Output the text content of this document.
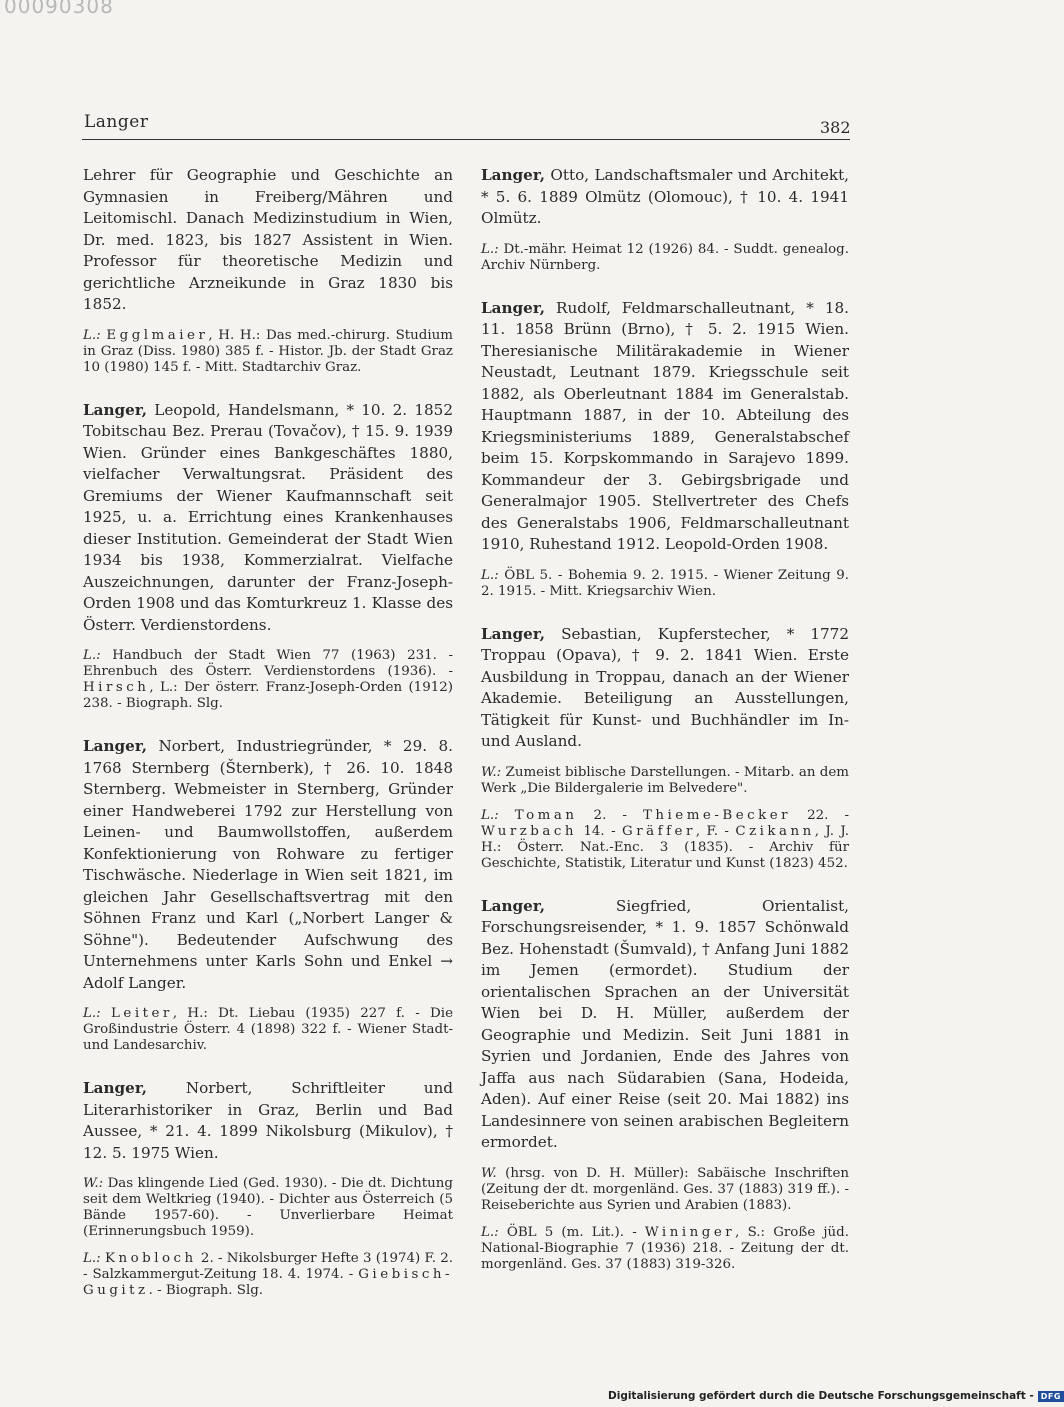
00090308
Langer	382

Lehrer für Geographie und Geschichte an Gymnasien in Freiberg/Mähren und Leitomischl. Danach Medizinstudium in Wien, Dr. med. 1823, bis 1827 Assistent in Wien. Professor für theoretische Medizin und gerichtliche Arzneikunde in Graz 1830 bis 1852.

L.: Egglmaier, H. H.: Das med.-chirurg. Studium in Graz (Diss. 1980) 385 f. - Histor. Jb. der Stadt Graz 10 (1980) 145 f. - Mitt. Stadtarchiv Graz.

Langer, Leopold, Handelsmann, * 10. 2. 1852 Tobitschau Bez. Prerau (Tovačov), † 15. 9. 1939 Wien. Gründer eines Bankgeschäftes 1880, vielfacher Verwaltungsrat. Präsident des Gremiums der Wiener Kaufmannschaft seit 1925, u. a. Errichtung eines Krankenhauses dieser Institution. Gemeinderat der Stadt Wien 1934 bis 1938, Kommerzialrat. Vielfache Auszeichnungen, darunter der Franz-Joseph-Orden 1908 und das Komturkreuz 1. Klasse des Österr. Verdienstordens.

L.: Handbuch der Stadt Wien 77 (1963) 231. - Ehrenbuch des Österr. Verdienstordens (1936). - Hirsch, L.: Der österr. Franz-Joseph-Orden (1912) 238. - Biograph. Slg.

Langer, Norbert, Industriegründer, * 29. 8. 1768 Sternberg (Šternberk), † 26. 10. 1848 Sternberg. Webmeister in Sternberg, Gründer einer Handweberei 1792 zur Herstellung von Leinen- und Baumwollstoffen, außerdem Konfektionierung von Rohware zu fertiger Tischwäsche. Niederlage in Wien seit 1821, im gleichen Jahr Gesellschaftsvertrag mit den Söhnen Franz und Karl („Norbert Langer & Söhne"). Bedeutender Aufschwung des Unternehmens unter Karls Sohn und Enkel → Adolf Langer.

L.: Leiter, H.: Dt. Liebau (1935) 227 f. - Die Großindustrie Österr. 4 (1898) 322 f. - Wiener Stadt- und Landesarchiv.

Langer, Norbert, Schriftleiter und Literarhistoriker in Graz, Berlin und Bad Aussee, * 21. 4. 1899 Nikolsburg (Mikulov), † 12. 5. 1975 Wien.

W.: Das klingende Lied (Ged. 1930). - Die dt. Dichtung seit dem Weltkrieg (1940). - Dichter aus Österreich (5 Bände 1957-60). - Unverlierbare Heimat (Erinnerungsbuch 1959).

L.: Knobloch 2. - Nikolsburger Hefte 3 (1974) F. 2. - Salzkammergut-Zeitung 18. 4. 1974. - Giebisch-Gugitz. - Biograph. Slg.

Langer, Otto, Landschaftsmaler und Architekt, * 5. 6. 1889 Olmütz (Olomouc), † 10. 4. 1941 Olmütz.

L.: Dt.-mähr. Heimat 12 (1926) 84. - Suddt. genealog. Archiv Nürnberg.

Langer, Rudolf, Feldmarschalleutnant, * 18. 11. 1858 Brünn (Brno), † 5. 2. 1915 Wien. Theresianische Militärakademie in Wiener Neustadt, Leutnant 1879. Kriegsschule seit 1882, als Oberleutnant 1884 im Generalstab. Hauptmann 1887, in der 10. Abteilung des Kriegsministeriums 1889, Generalstabschef beim 15. Korpskommando in Sarajevo 1899. Kommandeur der 3. Gebirgsbrigade und Generalmajor 1905. Stellvertreter des Chefs des Generalstabs 1906, Feldmarschalleutnant 1910, Ruhestand 1912. Leopold-Orden 1908.

L.: ÖBL 5. - Bohemia 9. 2. 1915. - Wiener Zeitung 9. 2. 1915. - Mitt. Kriegsarchiv Wien.

Langer, Sebastian, Kupferstecher, * 1772 Troppau (Opava), † 9. 2. 1841 Wien. Erste Ausbildung in Troppau, danach an der Wiener Akademie. Beteiligung an Ausstellungen, Tätigkeit für Kunst- und Buchhändler im In- und Ausland.

W.: Zumeist biblische Darstellungen. - Mitarb. an dem Werk „Die Bildergalerie im Belvedere".

L.: Toman 2. - Thieme-Becker 22. - Wurzbach 14. - Gräffer, F. - Czikann, J. J. H.: Österr. Nat.-Enc. 3 (1835). - Archiv für Geschichte, Statistik, Literatur und Kunst (1823) 452.

Langer, Siegfried, Orientalist, Forschungsreisender, * 1. 9. 1857 Schönwald Bez. Hohenstadt (Šumvald), † Anfang Juni 1882 im Jemen (ermordet). Studium der orientalischen Sprachen an der Universität Wien bei D. H. Müller, außerdem der Geographie und Medizin. Seit Juni 1881 in Syrien und Jordanien, Ende des Jahres von Jaffa aus nach Südarabien (Sana, Hodeida, Aden). Auf einer Reise (seit 20. Mai 1882) ins Landesinnere von seinen arabischen Begleitern ermordet.

W. (hrsg. von D. H. Müller): Sabäische Inschriften (Zeitung der dt. morgenländ. Ges. 37 (1883) 319 ff.). - Reiseberichte aus Syrien und Arabien (1883).

L.: ÖBL 5 (m. Lit.). - Wininger, S.: Große jüd. National-Biographie 7 (1936) 218. - Zeitung der dt. morgenländ. Ges. 37 (1883) 319-326.

Digitalisierung gefördert durch die Deutsche Forschungsgemeinschaft - DFG
